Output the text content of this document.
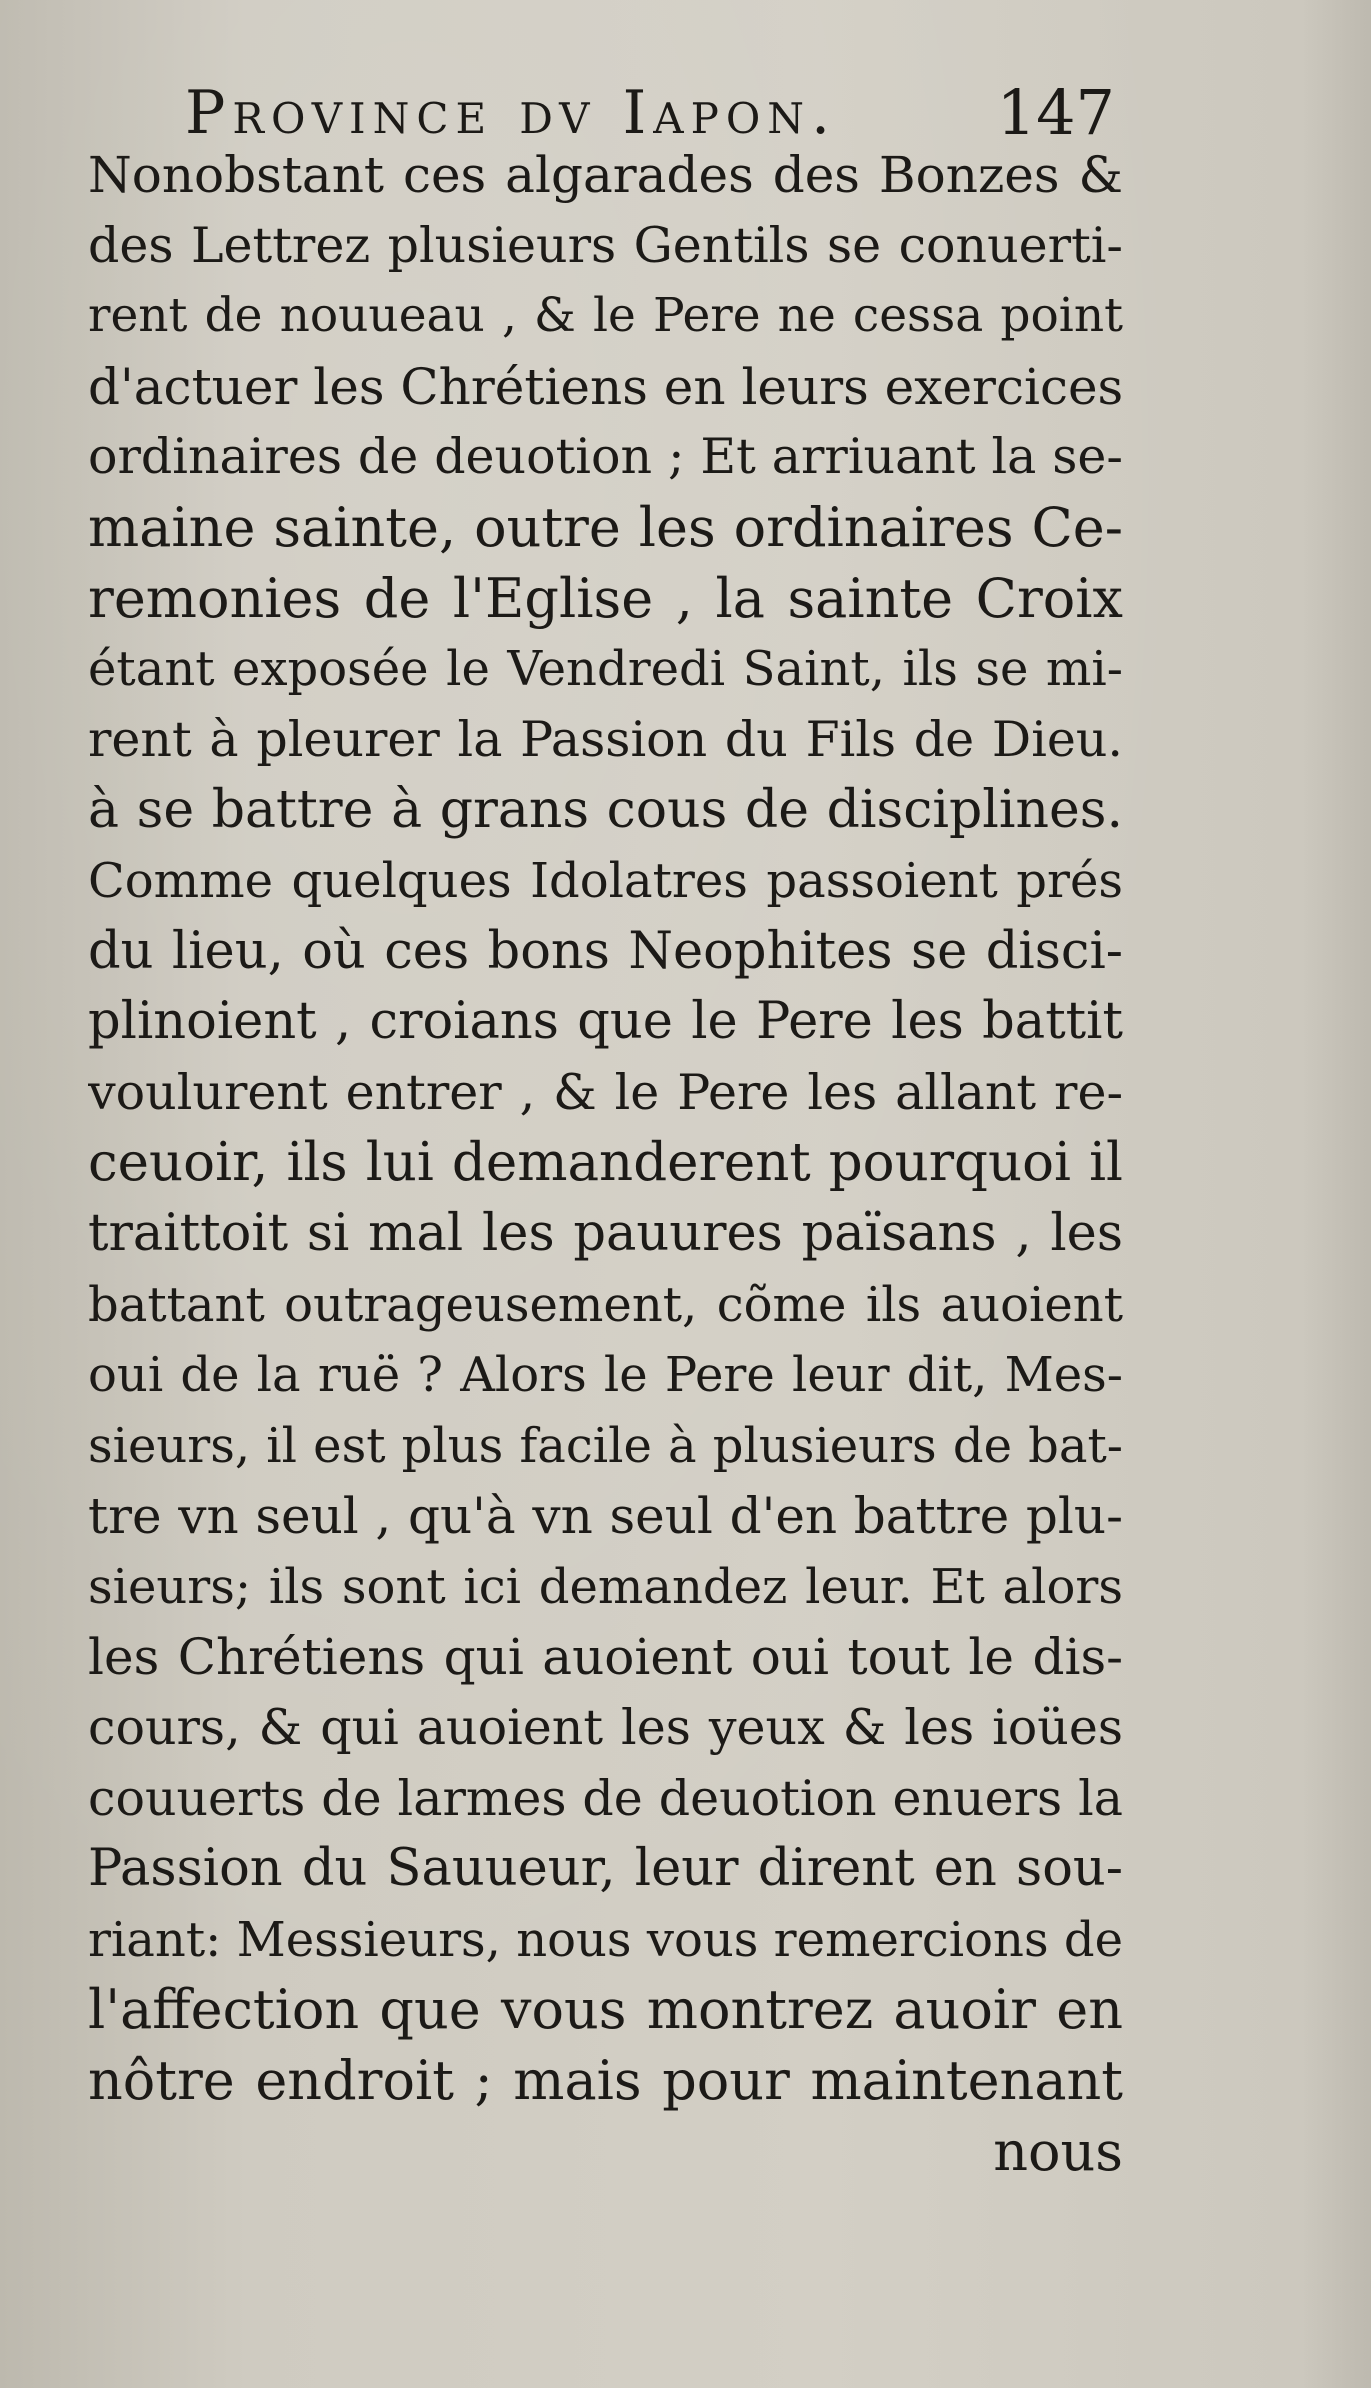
Province dv Iapon.	147
Nonobstant ces algarades des Bonzes &
des Lettrez plusieurs Gentils se conuerti-
rent de nouueau , & le Pere ne cessa point
d'actuer les Chrétiens en leurs exercices
ordinaires de deuotion ; Et arriuant la se-
maine sainte, outre les ordinaires Ce-
remonies de l'Eglise , la sainte Croix
étant exposée le Vendredi Saint, ils se mi-
rent à pleurer la Passion du Fils de Dieu.
à se battre à grans cous de disciplines.
Comme quelques Idolatres passoient prés
du lieu, où ces bons Neophites se disci-
plinoient , croians que le Pere les battit
voulurent entrer , & le Pere les allant re-
ceuoir, ils lui demanderent pourquoi il
traittoit si mal les pauures païsans , les
battant outrageusement, cõme ils auoient
oui de la ruë ? Alors le Pere leur dit, Mes-
sieurs, il est plus facile à plusieurs de bat-
tre vn seul , qu'à vn seul d'en battre plu-
sieurs; ils sont ici demandez leur. Et alors
les Chrétiens qui auoient oui tout le dis-
cours, & qui auoient les yeux & les ioües
couuerts de larmes de deuotion enuers la
Passion du Sauueur, leur dirent en sou-
riant: Messieurs, nous vous remercions de
l'affection que vous montrez auoir en
nôtre endroit ; mais pour maintenant
nous
